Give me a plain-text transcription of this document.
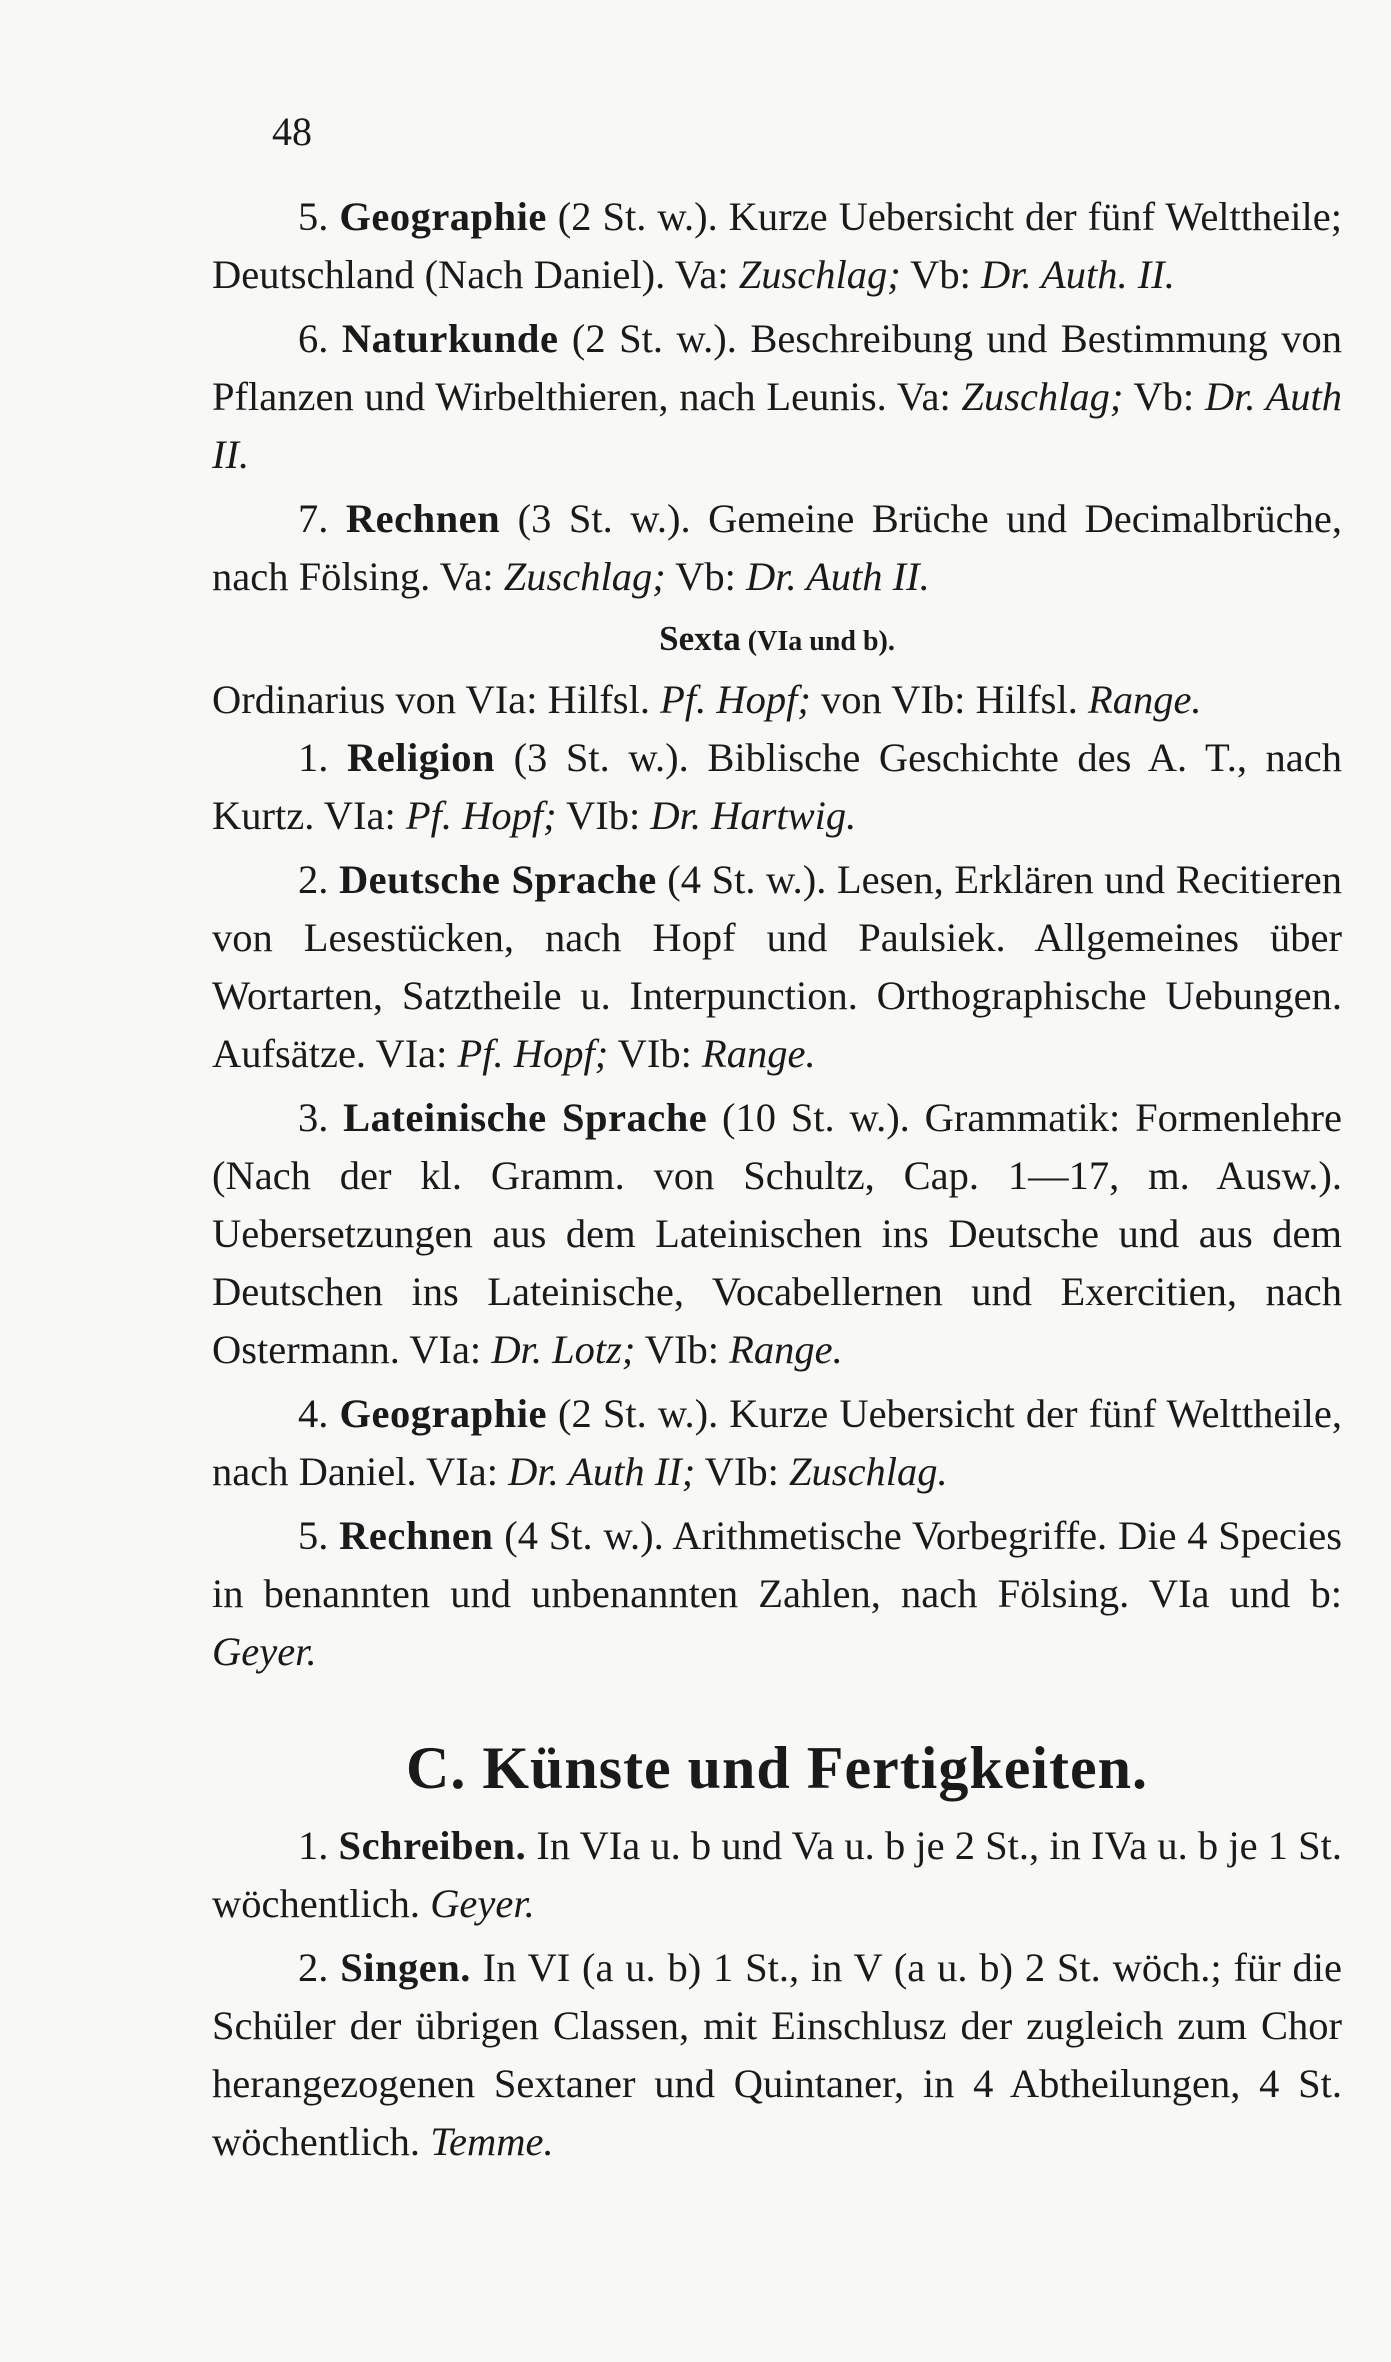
48

5. Geographie (2 St. w.). Kurze Uebersicht der fünf Welttheile; Deutschland (Nach Daniel). Va: Zuschlag; Vb: Dr. Auth. II.

6. Naturkunde (2 St. w.). Beschreibung und Bestimmung von Pflanzen und Wirbelthieren, nach Leunis. Va: Zuschlag; Vb: Dr. Auth II.

7. Rechnen (3 St. w.). Gemeine Brüche und Decimalbrüche, nach Fölsing. Va: Zuschlag; Vb: Dr. Auth II.

Sexta (VIa und b).

Ordinarius von VIa: Hilfsl. Pf. Hopf; von VIb: Hilfsl. Range.

1. Religion (3 St. w.). Biblische Geschichte des A. T., nach Kurtz. VIa: Pf. Hopf; VIb: Dr. Hartwig.

2. Deutsche Sprache (4 St. w.). Lesen, Erklären und Recitieren von Lesestücken, nach Hopf und Paulsiek. Allgemeines über Wortarten, Satztheile u. Interpunction. Orthographische Uebungen. Aufsätze. VIa: Pf. Hopf; VIb: Range.

3. Lateinische Sprache (10 St. w.). Grammatik: Formenlehre (Nach der kl. Gramm. von Schultz, Cap. 1—17, m. Ausw.). Uebersetzungen aus dem Lateinischen ins Deutsche und aus dem Deutschen ins Lateinische, Vocabellernen und Exercitien, nach Ostermann. VIa: Dr. Lotz; VIb: Range.

4. Geographie (2 St. w.). Kurze Uebersicht der fünf Welttheile, nach Daniel. VIa: Dr. Auth II; VIb: Zuschlag.

5. Rechnen (4 St. w.). Arithmetische Vorbegriffe. Die 4 Species in benannten und unbenannten Zahlen, nach Fölsing. VIa und b: Geyer.

C. Künste und Fertigkeiten.

1. Schreiben. In VIa u. b und Va u. b je 2 St., in IVa u. b je 1 St. wöchentlich. Geyer.

2. Singen. In VI (a u. b) 1 St., in V (a u. b) 2 St. wöch.; für die Schüler der übrigen Classen, mit Einschlusz der zugleich zum Chor herangezogenen Sextaner und Quintaner, in 4 Abtheilungen, 4 St. wöchentlich. Temme.
